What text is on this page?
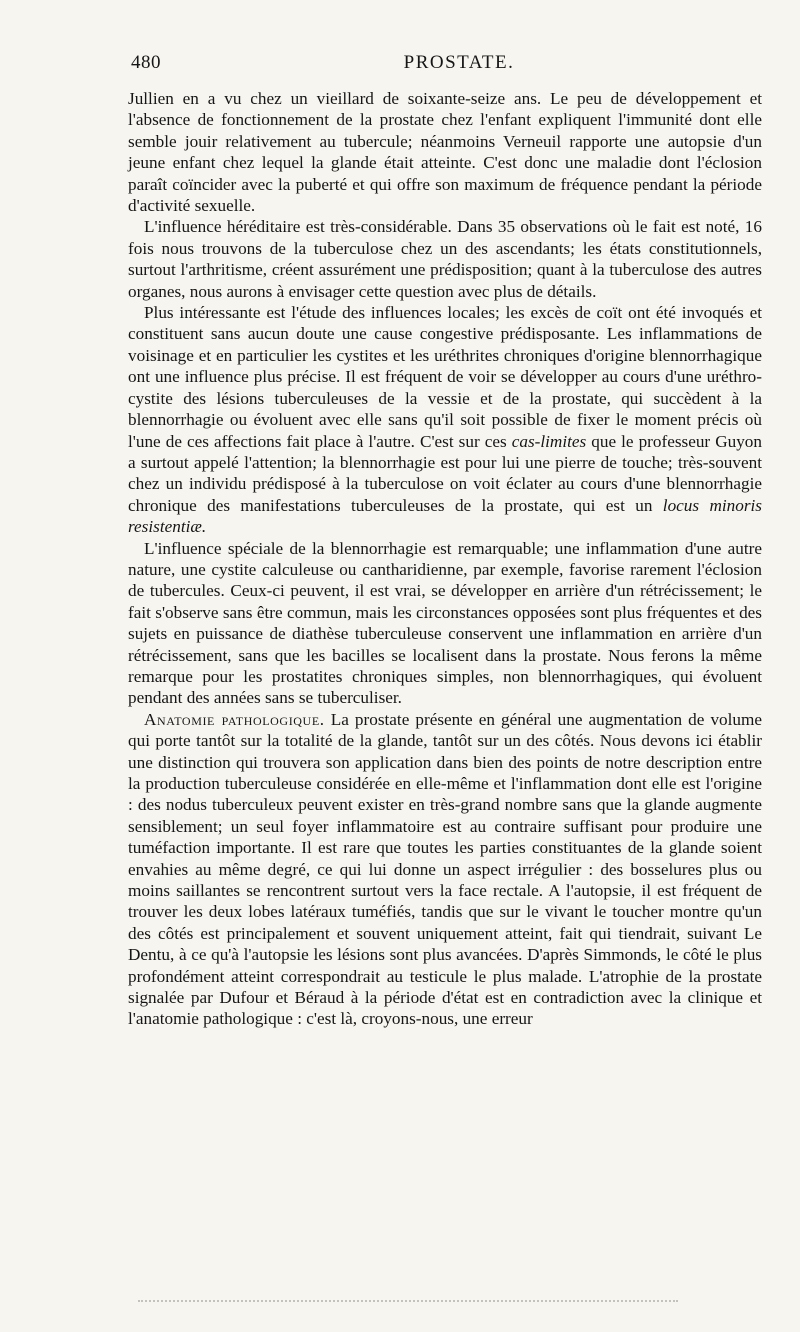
480	PROSTATE.

Jullien en a vu chez un vieillard de soixante-seize ans. Le peu de développement et l'absence de fonctionnement de la prostate chez l'enfant expliquent l'immunité dont elle semble jouir relativement au tubercule; néanmoins Verneuil rapporte une autopsie d'un jeune enfant chez lequel la glande était atteinte. C'est donc une maladie dont l'éclosion paraît coïncider avec la puberté et qui offre son maximum de fréquence pendant la période d'activité sexuelle.

L'influence héréditaire est très-considérable. Dans 35 observations où le fait est noté, 16 fois nous trouvons de la tuberculose chez un des ascendants; les états constitutionnels, surtout l'arthritisme, créent assurément une prédisposition; quant à la tuberculose des autres organes, nous aurons à envisager cette question avec plus de détails.

Plus intéressante est l'étude des influences locales; les excès de coït ont été invoqués et constituent sans aucun doute une cause congestive prédisposante. Les inflammations de voisinage et en particulier les cystites et les uréthrites chroniques d'origine blennorrhagique ont une influence plus précise. Il est fréquent de voir se développer au cours d'une uréthro-cystite des lésions tuberculeuses de la vessie et de la prostate, qui succèdent à la blennorrhagie ou évoluent avec elle sans qu'il soit possible de fixer le moment précis où l'une de ces affections fait place à l'autre. C'est sur ces cas-limites que le professeur Guyon a surtout appelé l'attention; la blennorrhagie est pour lui une pierre de touche; très-souvent chez un individu prédisposé à la tuberculose on voit éclater au cours d'une blennorrhagie chronique des manifestations tuberculeuses de la prostate, qui est un locus minoris resistentiæ.

L'influence spéciale de la blennorrhagie est remarquable; une inflammation d'une autre nature, une cystite calculeuse ou cantharidienne, par exemple, favorise rarement l'éclosion de tubercules. Ceux-ci peuvent, il est vrai, se développer en arrière d'un rétrécissement; le fait s'observe sans être commun, mais les circonstances opposées sont plus fréquentes et des sujets en puissance de diathèse tuberculeuse conservent une inflammation en arrière d'un rétrécissement, sans que les bacilles se localisent dans la prostate. Nous ferons la même remarque pour les prostatites chroniques simples, non blennorrhagiques, qui évoluent pendant des années sans se tuberculiser.

Anatomie pathologique. La prostate présente en général une augmentation de volume qui porte tantôt sur la totalité de la glande, tantôt sur un des côtés. Nous devons ici établir une distinction qui trouvera son application dans bien des points de notre description entre la production tuberculeuse considérée en elle-même et l'inflammation dont elle est l'origine : des nodus tuberculeux peuvent exister en très-grand nombre sans que la glande augmente sensiblement; un seul foyer inflammatoire est au contraire suffisant pour produire une tuméfaction importante. Il est rare que toutes les parties constituantes de la glande soient envahies au même degré, ce qui lui donne un aspect irrégulier : des bosselures plus ou moins saillantes se rencontrent surtout vers la face rectale. A l'autopsie, il est fréquent de trouver les deux lobes latéraux tuméfiés, tandis que sur le vivant le toucher montre qu'un des côtés est principalement et souvent uniquement atteint, fait qui tiendrait, suivant Le Dentu, à ce qu'à l'autopsie les lésions sont plus avancées. D'après Simmonds, le côté le plus profondément atteint correspondrait au testicule le plus malade. L'atrophie de la prostate signalée par Dufour et Béraud à la période d'état est en contradiction avec la clinique et l'anatomie pathologique : c'est là, croyons-nous, une erreur
